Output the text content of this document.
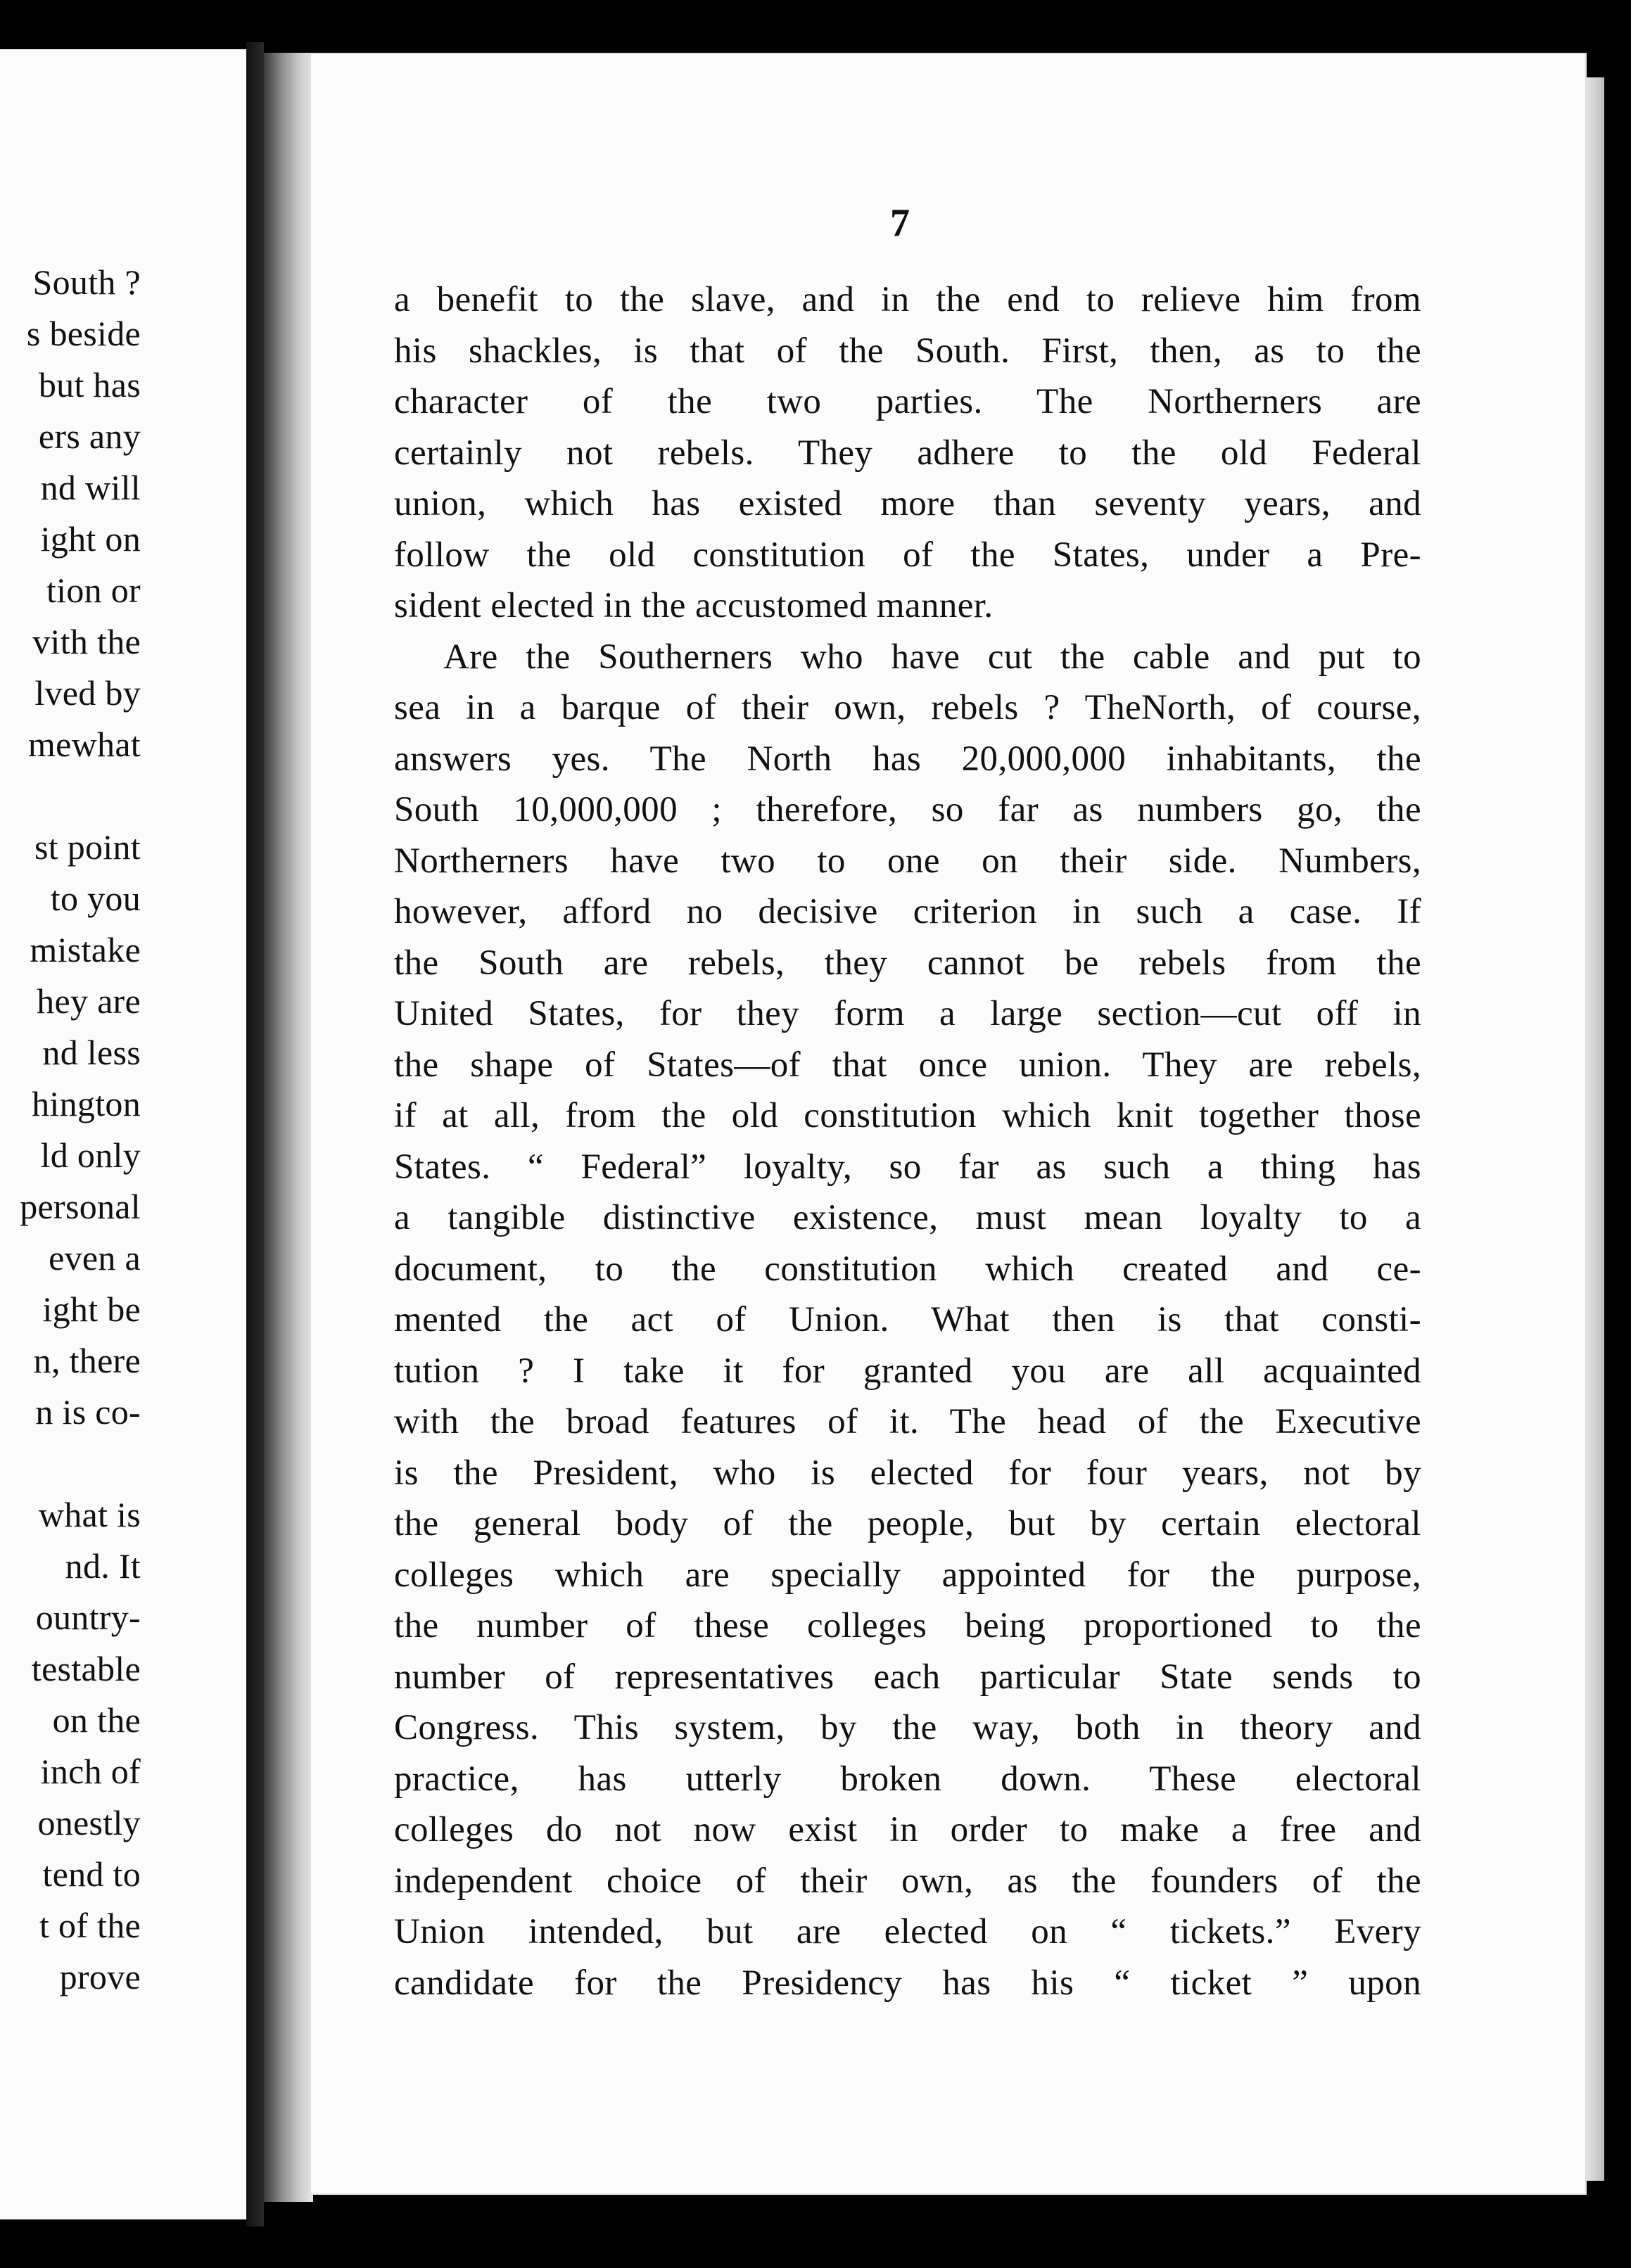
South ?
s beside
but has
ers any
nd will
ight on
tion or
vith the
lved by
mewhat
st point
to you
mistake
hey are
nd less
hington
ld only
personal
even a
ight be
n, there
n is co-
what is
nd. It
ountry-
testable
on the
inch of
onestly
tend to
t of the
prove
7
a benefit to the slave, and in the end to relieve him from
his shackles, is that of the South. First, then, as to the
character of the two parties. The Northerners are
certainly not rebels. They adhere to the old Federal
union, which has existed more than seventy years, and
follow the old constitution of the States, under a Pre-
sident elected in the accustomed manner.
Are the Southerners who have cut the cable and put to
sea in a barque of their own, rebels ? TheNorth, of course,
answers yes. The North has 20,000,000 inhabitants, the
South 10,000,000 ; therefore, so far as numbers go, the
Northerners have two to one on their side. Numbers,
however, afford no decisive criterion in such a case. If
the South are rebels, they cannot be rebels from the
United States, for they form a large section—cut off in
the shape of States—of that once union. They are rebels,
if at all, from the old constitution which knit together those
States. “ Federal” loyalty, so far as such a thing has
a tangible distinctive existence, must mean loyalty to a
document, to the constitution which created and ce-
mented the act of Union. What then is that consti-
tution ? I take it for granted you are all acquainted
with the broad features of it. The head of the Executive
is the President, who is elected for four years, not by
the general body of the people, but by certain electoral
colleges which are specially appointed for the purpose,
the number of these colleges being proportioned to the
number of representatives each particular State sends to
Congress. This system, by the way, both in theory and
practice, has utterly broken down. These electoral
colleges do not now exist in order to make a free and
independent choice of their own, as the founders of the
Union intended, but are elected on “ tickets.” Every
candidate for the Presidency has his “ ticket ” upon
